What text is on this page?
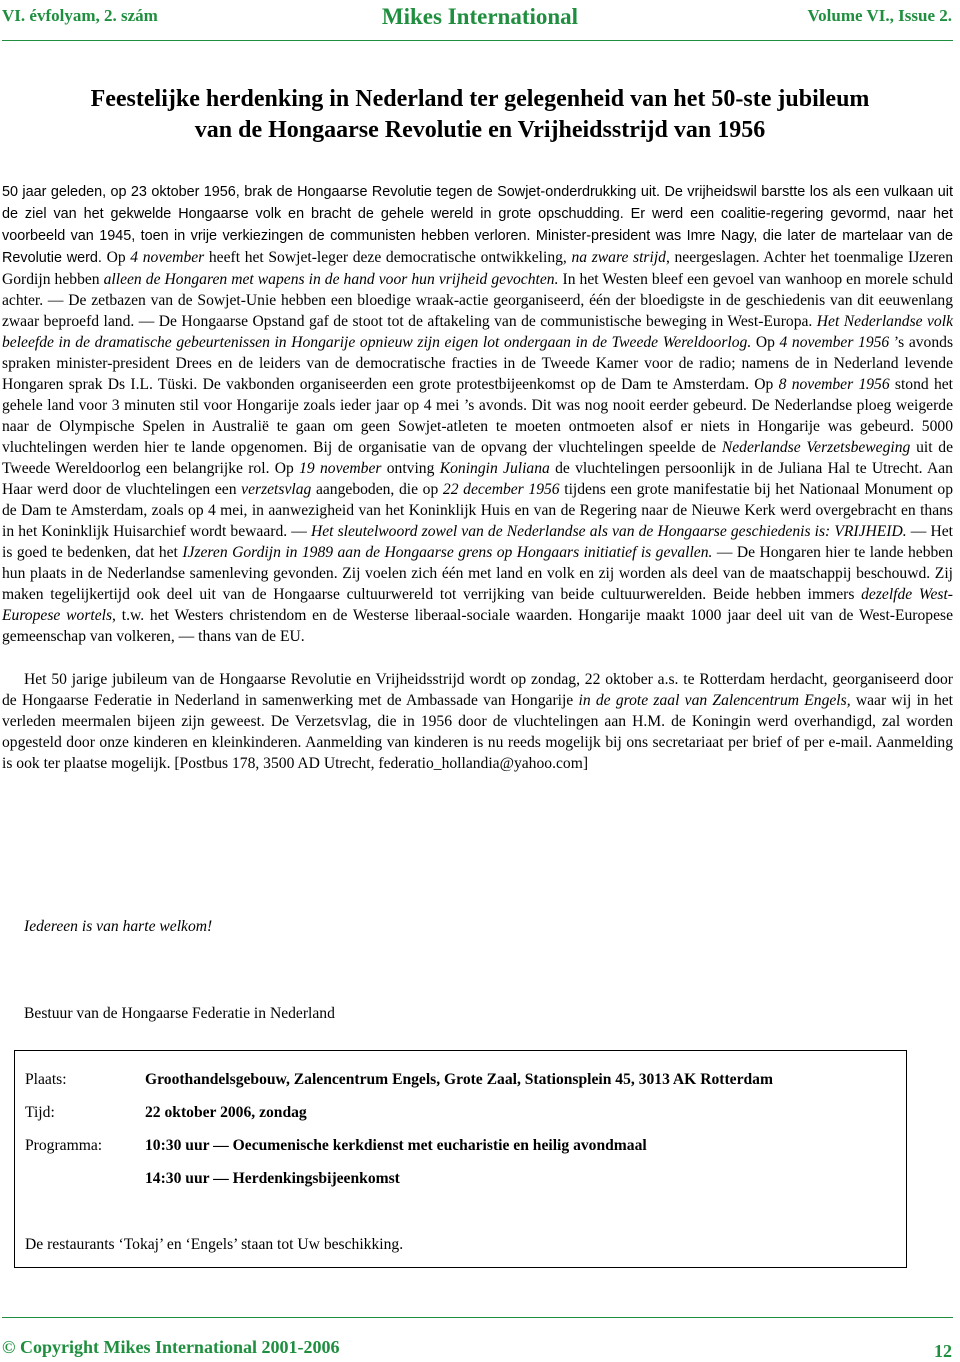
VI. évfolyam, 2. szám	Mikes International	Volume VI., Issue 2.
Feestelijke herdenking in Nederland ter gelegenheid van het 50-ste jubileum
van de Hongaarse Revolutie en Vrijheidsstrijd van 1956

50 jaar geleden, op 23 oktober 1956, brak de Hongaarse Revolutie tegen de Sowjet-onderdrukking uit. De vrijheidswil barstte los als een vulkaan uit de ziel van het gekwelde Hongaarse volk en bracht de gehele wereld in grote opschudding. Er werd een coalitie-regering gevormd, naar het voorbeeld van 1945, toen in vrije verkiezingen de communisten hebben verloren. Minister-president was Imre Nagy, die later de martelaar van de Revolutie werd. Op 4 november heeft het Sowjet-leger deze democratische ontwikkeling, na zware strijd, neergeslagen. Achter het toenmalige IJzeren Gordijn hebben alleen de Hongaren met wapens in de hand voor hun vrijheid gevochten. In het Westen bleef een gevoel van wanhoop en morele schuld achter. — De zetbazen van de Sowjet-Unie hebben een bloedige wraak-actie georganiseerd, één der bloedigste in de geschiedenis van dit eeuwenlang zwaar beproefd land. — De Hongaarse Opstand gaf de stoot tot de aftakeling van de communistische beweging in West-Europa. Het Nederlandse volk beleefde in de dramatische gebeurtenissen in Hongarije opnieuw zijn eigen lot ondergaan in de Tweede Wereldoorlog. Op 4 november 1956 ’s avonds spraken minister-president Drees en de leiders van de democratische fracties in de Tweede Kamer voor de radio; namens de in Nederland levende Hongaren sprak Ds I.L. Tüski. De vakbonden organiseerden een grote protestbijeenkomst op de Dam te Amsterdam. Op 8 november 1956 stond het gehele land voor 3 minuten stil voor Hongarije zoals ieder jaar op 4 mei ’s avonds. Dit was nog nooit eerder gebeurd. De Nederlandse ploeg weigerde naar de Olympische Spelen in Australië te gaan om geen Sowjet-atleten te moeten ontmoeten alsof er niets in Hongarije was gebeurd. 5000 vluchtelingen werden hier te lande opgenomen. Bij de organisatie van de opvang der vluchtelingen speelde de Nederlandse Verzetsbeweging uit de Tweede Wereldoorlog een belangrijke rol. Op 19 november ontving Koningin Juliana de vluchtelingen persoonlijk in de Juliana Hal te Utrecht. Aan Haar werd door de vluchtelingen een verzetsvlag aangeboden, die op 22 december 1956 tijdens een grote manifestatie bij het Nationaal Monument op de Dam te Amsterdam, zoals op 4 mei, in aanwezigheid van het Koninklijk Huis en van de Regering naar de Nieuwe Kerk werd overgebracht en thans in het Koninklijk Huisarchief wordt bewaard. — Het sleutelwoord zowel van de Nederlandse als van de Hongaarse geschiedenis is: VRIJHEID. — Het is goed te bedenken, dat het IJzeren Gordijn in 1989 aan de Hongaarse grens op Hongaars initiatief is gevallen. — De Hongaren hier te lande hebben hun plaats in de Nederlandse samenleving gevonden. Zij voelen zich één met land en volk en zij worden als deel van de maatschappij beschouwd. Zij maken tegelijkertijd ook deel uit van de Hongaarse cultuurwereld tot verrijking van beide cultuurwerelden. Beide hebben immers dezelfde West-Europese wortels, t.w. het Westers christendom en de Westerse liberaal-sociale waarden. Hongarije maakt 1000 jaar deel uit van de West-Europese gemeenschap van volkeren, — thans van de EU.

Het 50 jarige jubileum van de Hongaarse Revolutie en Vrijheidsstrijd wordt op zondag, 22 oktober a.s. te Rotterdam herdacht, georganiseerd door de Hongaarse Federatie in Nederland in samenwerking met de Ambassade van Hongarije in de grote zaal van Zalencentrum Engels, waar wij in het verleden meermalen bijeen zijn geweest. De Verzetsvlag, die in 1956 door de vluchtelingen aan H.M. de Koningin werd overhandigd, zal worden opgesteld door onze kinderen en kleinkinderen. Aanmelding van kinderen is nu reeds mogelijk bij ons secretariaat per brief of per e-mail. Aanmelding is ook ter plaatse mogelijk. [Postbus 178, 3500 AD Utrecht, federatio_hollandia@yahoo.com]

Iedereen is van harte welkom!
Bestuur van de Hongaarse Federatie in Nederland
Plaats:	Groothandelsgebouw, Zalencentrum Engels, Grote Zaal, Stationsplein 45, 3013 AK Rotterdam
Tijd:	22 oktober 2006, zondag
Programma:	10:30 uur — Oecumenische kerkdienst met eucharistie en heilig avondmaal
14:30 uur — Herdenkingsbijeenkomst
De restaurants ‘Tokaj’ en ‘Engels’ staan tot Uw beschikking.
© Copyright Mikes International 2001-2006	12
